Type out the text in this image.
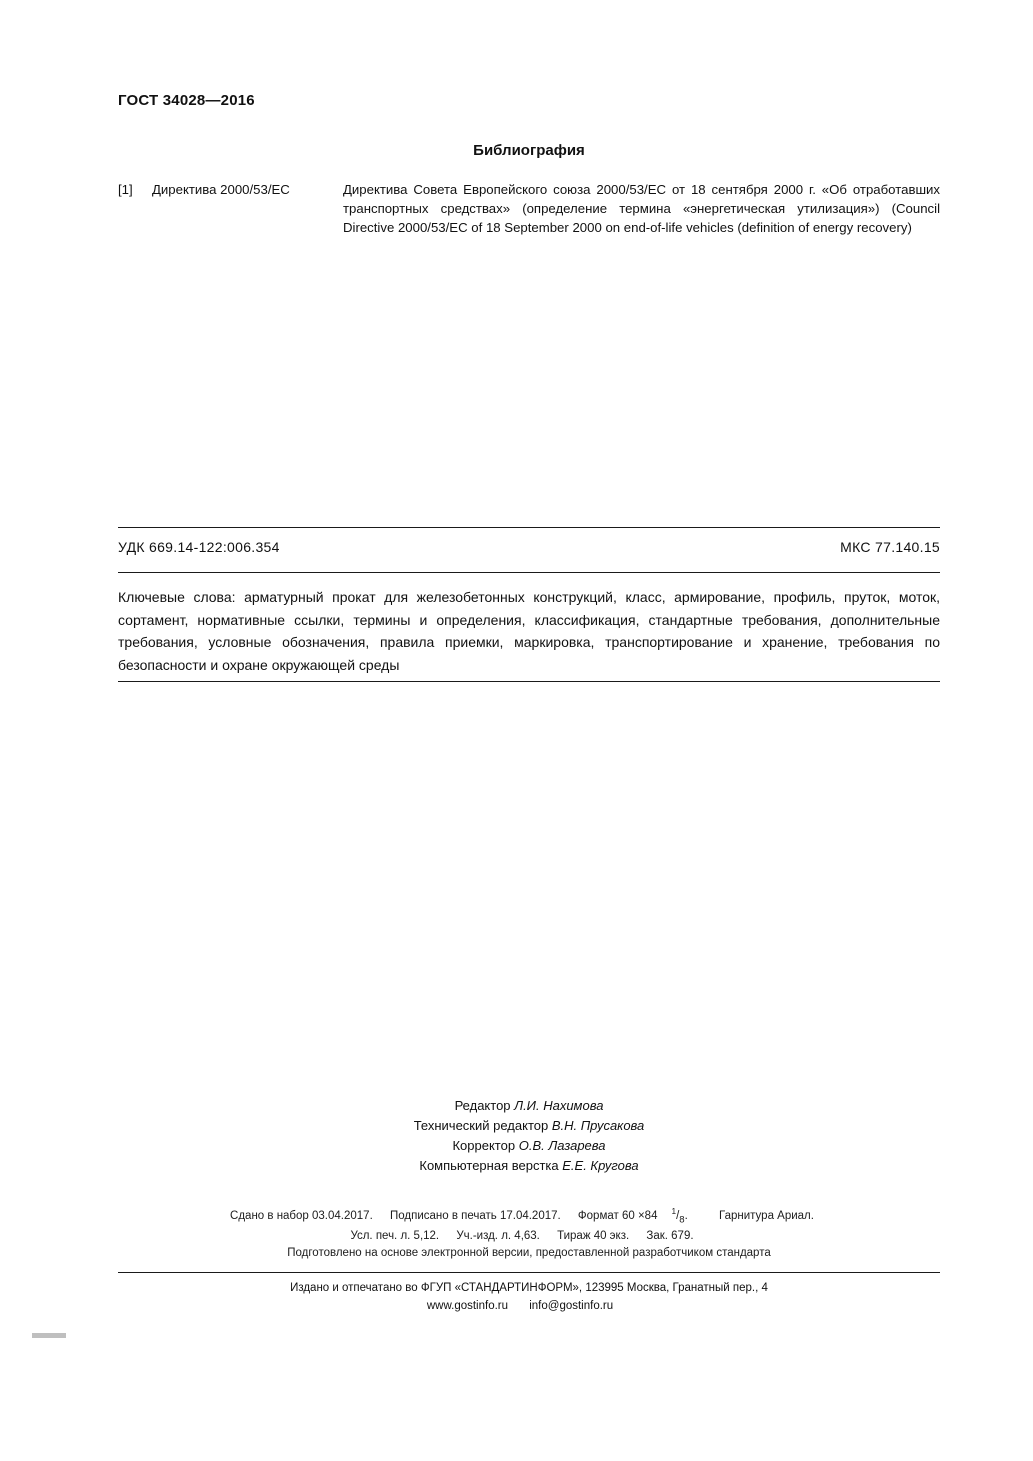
ГОСТ 34028—2016
Библиография
[1]	Директива 2000/53/EC	Директива Совета Европейского союза 2000/53/EC от 18 сентября 2000 г. «Об отработавших транспортных средствах» (определение термина «энергетическая утилизация») (Council Directive 2000/53/EC of 18 September 2000 on end-of-life vehicles (definition of energy recovery)
УДК 669.14-122:006.354	МКС 77.140.15
Ключевые слова: арматурный прокат для железобетонных конструкций, класс, армирование, профиль, пруток, моток, сортамент, нормативные ссылки, термины и определения, классификация, стандартные требования, дополнительные требования, условные обозначения, правила приемки, маркировка, транспортирование и хранение, требования по безопасности и охране окружающей среды
Редактор Л.И. Нахимова
Технический редактор В.Н. Прусакова
Корректор О.В. Лазарева
Компьютерная верстка Е.Е. Кругова
Сдано в набор 03.04.2017. Подписано в печать 17.04.2017. Формат 60 ×84 $^1/_8$.	Гарнитура Ариал.
Усл. печ. л. 5,12. Уч.-изд. л. 4,63. Тираж 40 экз. Зак. 679.
Подготовлено на основе электронной версии, предоставленной разработчиком стандарта
Издано и отпечатано во ФГУП «СТАНДАРТИНФОРМ», 123995 Москва, Гранатный пер., 4
www.gostinfo.ru info@gostinfo.ru
